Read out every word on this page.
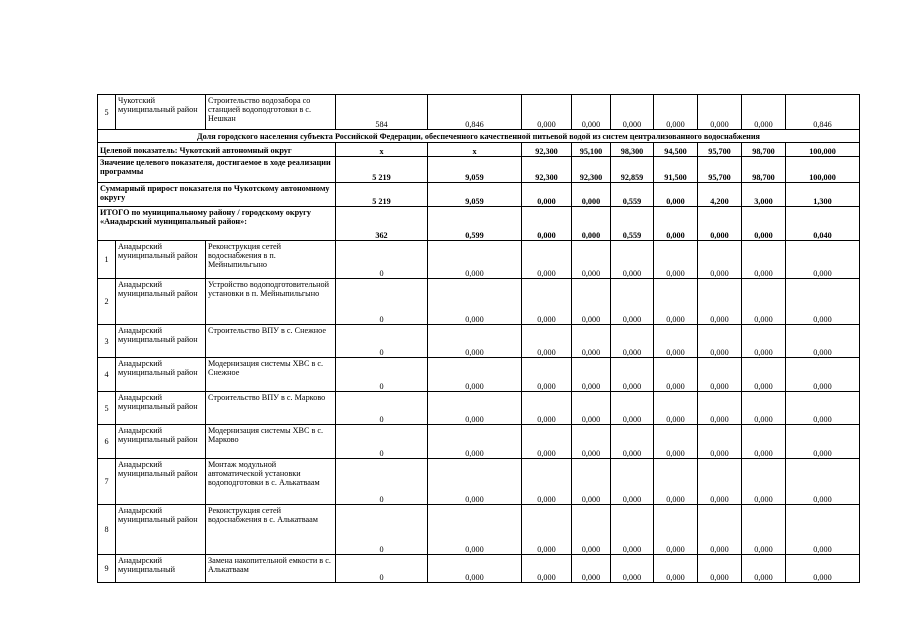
5	Чукотский муниципальный район	Строительство водозабора со станцией водоподготовки в с. Нешкан	584	0,846	0,000	0,000	0,000	0,000	0,000	0,000	0,846
Доля городского населения субъекта Российской Федерации, обеспеченного качественной питьевой водой из систем централизованного водоснабжения											
Целевой показатель: Чукотский автономный округ			x	x	92,300	95,100	98,300	94,500	95,700	98,700	100,000
Значение целевого показателя, достигаемое в ходе реализации программы			5 219	9,059	92,300	92,300	92,859	91,500	95,700	98,700	100,000
Суммарный прирост показателя по Чукотскому автономному округу			5 219	9,059	0,000	0,000	0,559	0,000	4,200	3,000	1,300
ИТОГО по муниципальному району / городскому округу «Анадырский муниципальный район»:			362	0,599	0,000	0,000	0,559	0,000	0,000	0,000	0,040
1	Анадырский муниципальный район	Реконструкция сетей водоснабжения в п. Мейныпильгыно	0	0,000	0,000	0,000	0,000	0,000	0,000	0,000	0,000
2	Анадырский муниципальный район	Устройство водоподготовительной установки в п. Мейныпильгыно	0	0,000	0,000	0,000	0,000	0,000	0,000	0,000	0,000
3	Анадырский муниципальный район	Строительство ВПУ в с. Снежное	0	0,000	0,000	0,000	0,000	0,000	0,000	0,000	0,000
4	Анадырский муниципальный район	Модернизация системы ХВС в с. Снежное	0	0,000	0,000	0,000	0,000	0,000	0,000	0,000	0,000
5	Анадырский муниципальный район	Строительство ВПУ в с. Марково	0	0,000	0,000	0,000	0,000	0,000	0,000	0,000	0,000
6	Анадырский муниципальный район	Модернизация системы ХВС в с. Марково	0	0,000	0,000	0,000	0,000	0,000	0,000	0,000	0,000
7	Анадырский муниципальный район	Монтаж модульной автоматической установки водоподготовки в с. Алькатваам	0	0,000	0,000	0,000	0,000	0,000	0,000	0,000	0,000
8	Анадырский муниципальный район	Реконструкция сетей водоснабжения в с. Алькатваам	0	0,000	0,000	0,000	0,000	0,000	0,000	0,000	0,000
9	Анадырский муниципальный	Замена накопительной емкости в с. Алькатваам	0	0,000	0,000	0,000	0,000	0,000	0,000	0,000	0,000
